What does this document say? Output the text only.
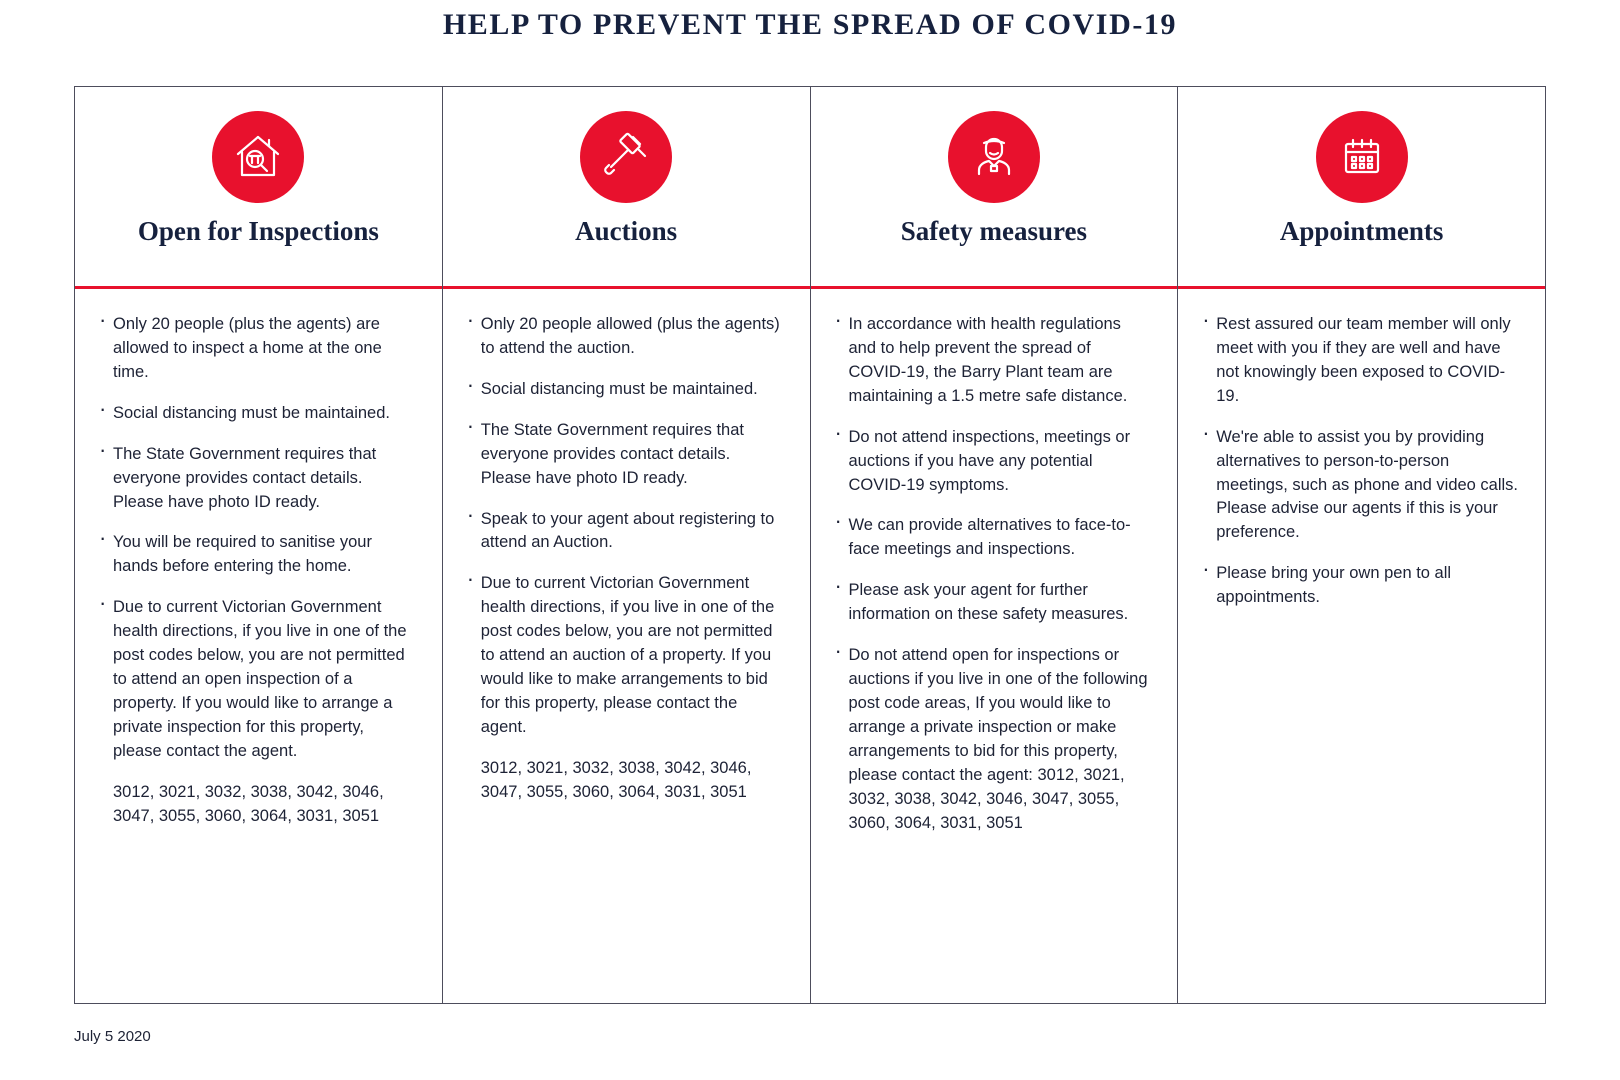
HELP TO PREVENT THE SPREAD OF COVID-19
Open for Inspections
· Only 20 people (plus the agents) are allowed to inspect a home at the one time.
· Social distancing must be maintained.
· The State Government requires that everyone provides contact details. Please have photo ID ready.
· You will be required to sanitise your hands before entering the home.
· Due to current Victorian Government health directions, if you live in one of the post codes below, you are not permitted to attend an open inspection of a property. If you would like to arrange a private inspection for this property, please contact the agent.

3012, 3021, 3032, 3038, 3042, 3046, 3047, 3055, 3060, 3064, 3031, 3051

Auctions
· Only 20 people allowed (plus the agents) to attend the auction.
· Social distancing must be maintained.
· The State Government requires that everyone provides contact details. Please have photo ID ready.
· Speak to your agent about registering to attend an Auction.
· Due to current Victorian Government health directions, if you live in one of the post codes below, you are not permitted to attend an auction of a property. If you would like to make arrangements to bid for this property, please contact the agent.

3012, 3021, 3032, 3038, 3042, 3046, 3047, 3055, 3060, 3064, 3031, 3051

Safety measures
· In accordance with health regulations and to help prevent the spread of COVID-19, the Barry Plant team are maintaining a 1.5 metre safe distance.
· Do not attend inspections, meetings or auctions if you have any potential COVID-19 symptoms.
· We can provide alternatives to face-to-face meetings and inspections.
· Please ask your agent for further information on these safety measures.
· Do not attend open for inspections or auctions if you live in one of the following post code areas, If you would like to arrange a private inspection or make arrangements to bid for this property, please contact the agent: 3012, 3021, 3032, 3038, 3042, 3046, 3047, 3055, 3060, 3064, 3031, 3051
Appointments
· Rest assured our team member will only meet with you if they are well and have not knowingly been exposed to COVID-19.
· We're able to assist you by providing alternatives to person-to-person meetings, such as phone and video calls. Please advise our agents if this is your preference.
· Please bring your own pen to all appointments.
July 5 2020
